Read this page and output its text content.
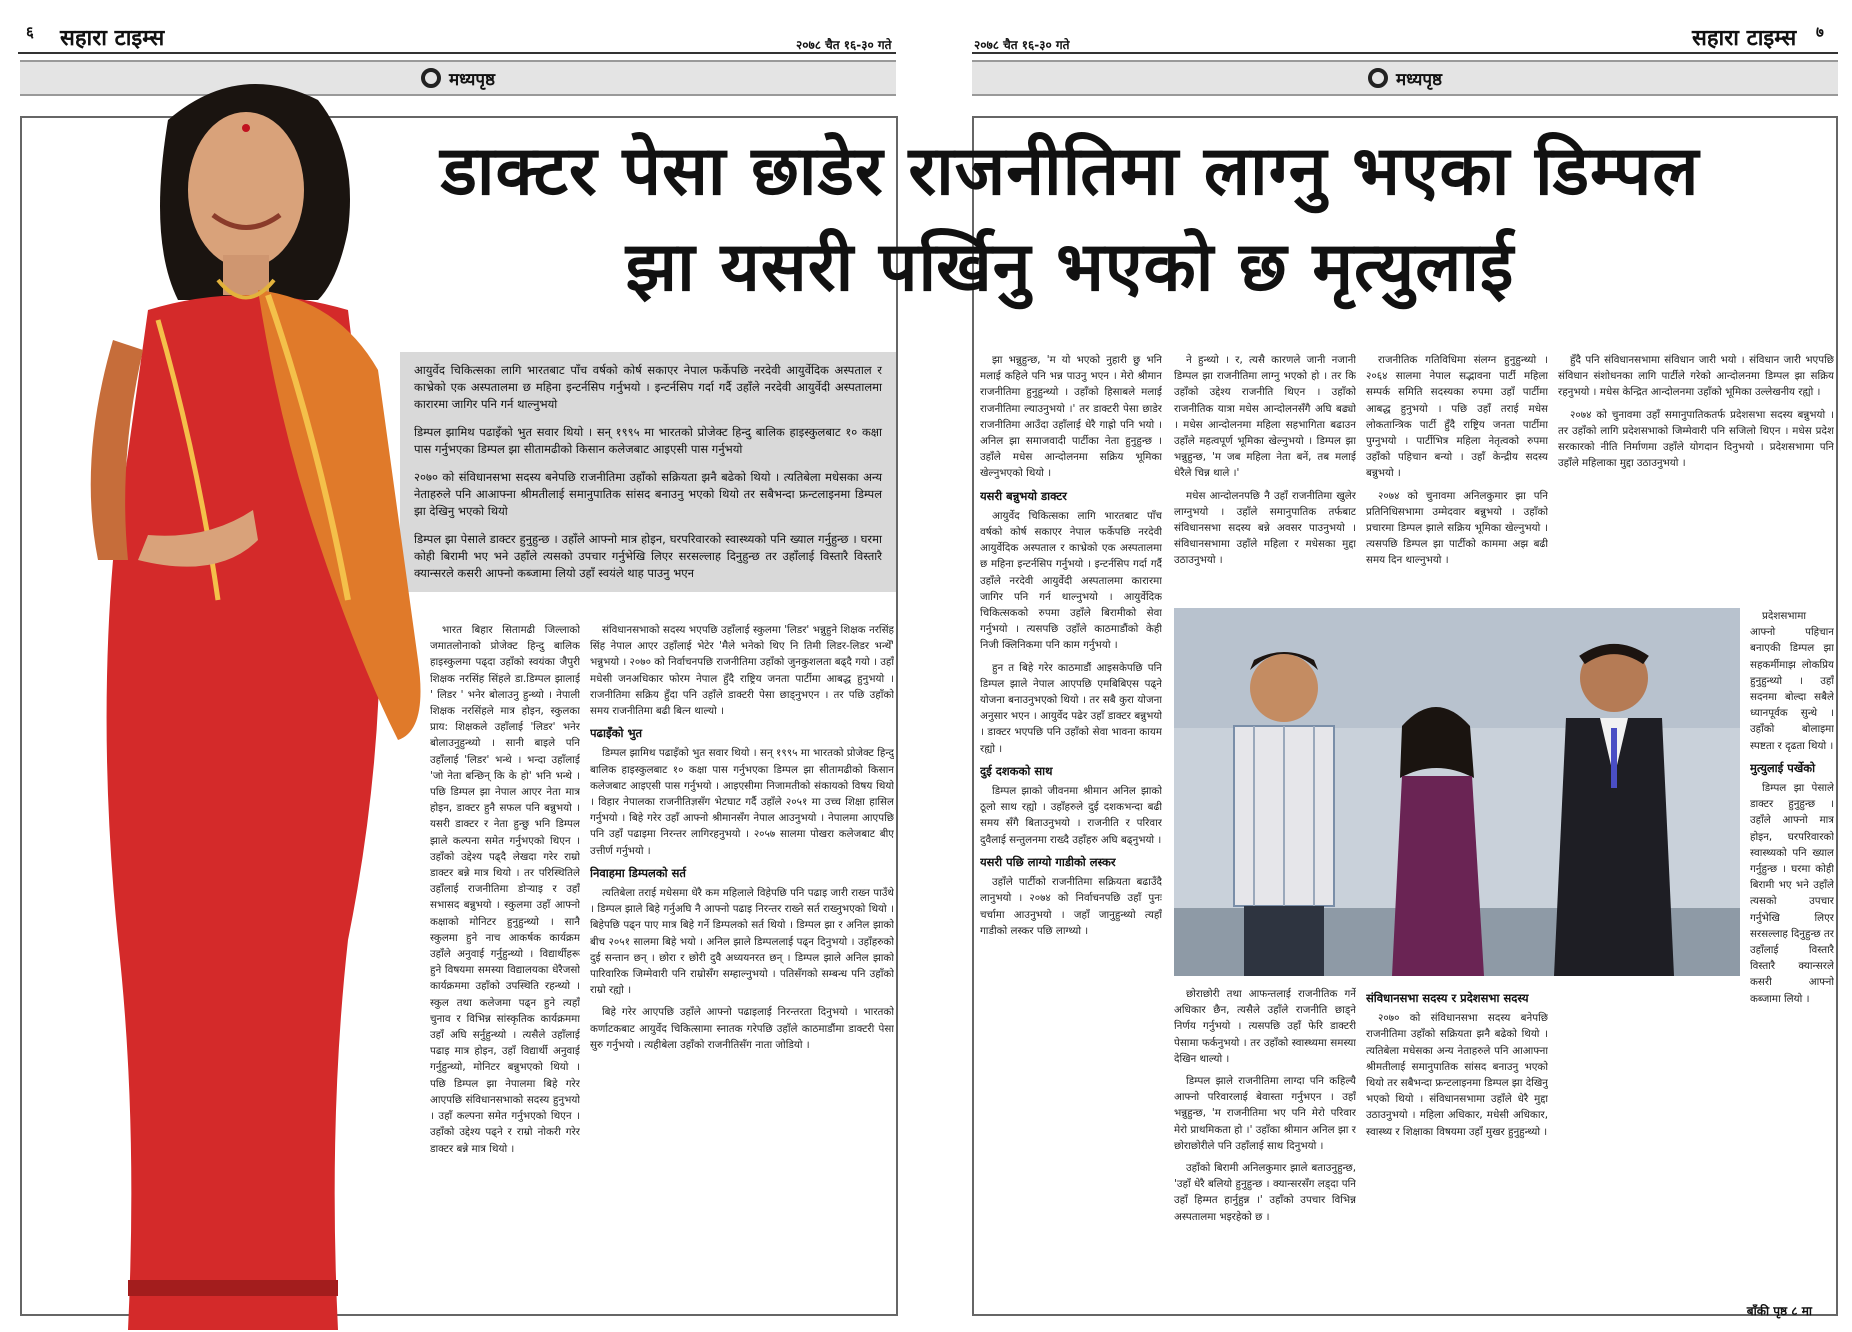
६ सहारा टाइम्स	२०७८ चैत १६-३० गते
मध्यपृष्ठ
२०७८ चैत १६-३० गते	सहारा टाइम्स ७
मध्यपृष्ठ
डाक्टर पेसा छाडेर राजनीतिमा लाग्नु भएका डिम्पल
झा यसरी पर्खिनु भएको छ मृत्युलाई

आयुर्वेद चिकित्सका लागि भारतबाट पाँच वर्षको कोर्ष सकाएर नेपाल फर्केपछि नरदेवी आयुर्वेदिक अस्पताल र काभ्रेको एक अस्पतालमा छ महिना इन्टर्नसिप गर्नुभयो । इन्टर्नसिप गर्दा गर्दै उहाँले नरदेवी आयुर्वेदी अस्पतालमा कारारमा जागिर पनि गर्न थाल्नुभयो

डिम्पल झामिथ पढाइँको भुत सवार थियो । सन् १९९५ मा भारतको प्रोजेक्ट हिन्दु बालिक हाइस्कुलबाट १० कक्षा पास गर्नुभएका डिम्पल झा सीतामढीको किसान कलेजबाट आइएसी पास गर्नुभयो

२०७० को संविधानसभा सदस्य बनेपछि राजनीतिमा उहाँको सक्रियता झनै बढेको थियो । त्यतिबेला मधेसका अन्य नेताहरुले पनि आआफ्ना श्रीमतीलाई समानुपातिक सांसद बनाउनु भएको थियो तर सबैभन्दा फ्रन्टलाइनमा डिम्पल झा देखिनु भएको थियो

डिम्पल झा पेसाले डाक्टर हुनुहुन्छ । उहाँले आफ्नो मात्र होइन, घरपरिवारको स्वास्थ्यको पनि ख्याल गर्नुहुन्छ । घरमा कोही बिरामी भए भने उहाँले त्यसको उपचार गर्नुभेखि लिएर सरसल्लाह दिनुहुन्छ तर उहाँलाई विस्तारै विस्तारै क्यान्सरले कसरी आफ्नो कब्जामा लियो उहाँ स्वयंले थाह पाउनु भएन

भारत बिहार सितामढी जिल्लाको जमातलोनाको प्रोजेक्ट हिन्दु बालिक हाइस्कुलमा पढ्दा उहाँको स्वयंका जैपुरी शिक्षक नरसिंह सिंहले डा.डिम्पल झालाई ' लिडर ' भनेर बोलाउनु हुन्थ्यो । नेपाली शिक्षक नरसिंहले मात्र होइन, स्कुलका प्राय: शिक्षकले उहाँलाई 'लिडर' भनेर बोलाउनुहुन्थ्यो । सानी बाइले पनि उहाँलाई 'लिडर' भन्थे । भन्दा उहाँलाई 'जो नेता बन्छिन् कि के हो' भनि भन्थे । पछि डिम्पल झा नेपाल आएर नेता मात्र होइन, डाक्टर हुनै सफल पनि बन्नुभयो । यसरी डाक्टर र नेता हुन्छु भनि डिम्पल झाले कल्पना समेत गर्नुभएको थिएन । उहाँको उद्देश्य पढ्दै लेखदा गरेर राम्रो डाक्टर बन्ने मात्र थियो । तर परिस्थितिले उहाँलाई राजनीतिमा डोऱ्याइ र उहाँ सभासद बन्नुभयो । स्कुलमा उहाँ आफ्नो कक्षाको मोनिटर हुनुहुन्थ्यो । सानै स्कुलमा हुने नाच आकर्षक कार्यक्रम उहाँले अनुवाई गर्नुहुन्थ्यो । विद्यार्थीहरू हुने विषयमा समस्या विद्यालयका धेरैजसो कार्यक्रममा उहाँको उपस्थिति रहन्थ्यो । स्कुल तथा कलेजमा पढ्न हुने त्यहाँ चुनाव र विभिन्न सांस्कृतिक कार्यक्रममा उहाँ अघि सर्नुहुन्थ्यो । त्यसैले उहाँलाई पढाइ मात्र होइन, उहाँ विद्यार्थी अनुवाई गर्नुहुन्थ्यो, मोनिटर बन्नुभएको थियो । पछि डिम्पल झा नेपालमा बिहे गरेर आएपछि संविधानसभाको सदस्य हुनुभयो । उहाँ कल्पना समेत गर्नुभएको थिएन । उहाँको उद्देश्य पढ्ने र राम्रो नोकरी गरेर डाक्टर बन्ने मात्र थियो ।

संविधानसभाको सदस्य भएपछि उहाँलाई स्कुलमा 'लिडर' भन्नुहुने शिक्षक नरसिंह सिंह नेपाल आएर उहाँलाई भेटेर 'मैले भनेको थिए नि तिमी लिडर-लिडर भन्थेँ' भन्नुभयो । २०७० को निर्वाचनपछि राजनीतिमा उहाँको जुनकुशलता बढ्दै गयो । उहाँ मधेसी जनअधिकार फोरम नेपाल हुँदै राष्ट्रिय जनता पार्टीमा आबद्ध हुनुभयो । राजनीतिमा सक्रिय हुँदा पनि उहाँले डाक्टरी पेसा छाड्नुभएन । तर पछि उहाँको समय राजनीतिमा बढी बित्न थाल्यो ।

पढाइँको भुत

डिम्पल झामिथ पढाइँको भुत सवार थियो । सन् १९९५ मा भारतको प्रोजेक्ट हिन्दु बालिक हाइस्कुलबाट १० कक्षा पास गर्नुभएका डिम्पल झा सीतामढीको किसान कलेजबाट आइएसी पास गर्नुभयो । आइएसीमा निजामतीको संकायको विषय थियो । विहार नेपालका राजनीतिज्ञसँग भेटघाट गर्दै उहाँले २०५१ मा उच्च शिक्षा हासिल गर्नुभयो । बिहे गरेर उहाँ आफ्नो श्रीमानसँग नेपाल आउनुभयो । नेपालमा आएपछि पनि उहाँ पढाइमा निरन्तर लागिरहनुभयो । २०५७ सालमा पोखरा कलेजबाट बीए उत्तीर्ण गर्नुभयो ।

निवाहमा डिम्पलको सर्त

त्यतिबेला तराई मधेसमा धेरै कम महिलाले विहेपछि पनि पढाइ जारी राख्न पाउँथे । डिम्पल झाले बिहे गर्नुअघि नै आफ्नो पढाइ निरन्तर राख्ने सर्त राख्नुभएको थियो । बिहेपछि पढ्न पाए मात्र बिहे गर्ने डिम्पलको सर्त थियो । डिम्पल झा र अनिल झाको बीच २०५१ सालमा बिहे भयो । अनिल झाले डिम्पललाई पढ्न दिनुभयो । उहाँहरुको दुई सन्तान छन् । छोरा र छोरी दुवै अध्ययनरत छन् । डिम्पल झाले अनिल झाको पारिवारिक जिम्मेवारी पनि राम्रोसँग सम्हाल्नुभयो । पतिसँगको सम्बन्ध पनि उहाँको राम्रो रह्यो ।

बिहे गरेर आएपछि उहाँले आफ्नो पढाइलाई निरन्तरता दिनुभयो । भारतको कर्णाटकबाट आयुर्वेद चिकित्सामा स्नातक गरेपछि उहाँले काठमाडौंमा डाक्टरी पेसा सुरु गर्नुभयो । त्यहीबेला उहाँको राजनीतिसँग नाता जोडियो ।

झा भन्नुहुन्छ, 'म यो भएको नुहारी छु भनि मलाई कहिले पनि भन्न पाउनु भएन । मेरो श्रीमान राजनीतिमा हुनुहुन्थ्यो । उहाँको हिसाबले मलाई राजनीतिमा ल्याउनुभयो ।' तर डाक्टरी पेसा छाडेर राजनीतिमा आउँदा उहाँलाई धेरै गाह्रो पनि भयो । अनिल झा समाजवादी पार्टीका नेता हुनुहुन्छ । उहाँले मधेस आन्दोलनमा सक्रिय भूमिका खेल्नुभएको थियो ।

यसरी बन्नुभयो डाक्टर

आयुर्वेद चिकित्सका लागि भारतबाट पाँच वर्षको कोर्ष सकाएर नेपाल फर्केपछि नरदेवी आयुर्वेदिक अस्पताल र काभ्रेको एक अस्पतालमा छ महिना इन्टर्नसिप गर्नुभयो । इन्टर्नसिप गर्दा गर्दै उहाँले नरदेवी आयुर्वेदी अस्पतालमा कारारमा जागिर पनि गर्न थाल्नुभयो । आयुर्वेदिक चिकित्सकको रुपमा उहाँले बिरामीको सेवा गर्नुभयो । त्यसपछि उहाँले काठमाडौंको केही निजी क्लिनिकमा पनि काम गर्नुभयो ।

हुन त बिहे गरेर काठमाडौं आइसकेपछि पनि डिम्पल झाले नेपाल आएपछि एमबिबिएस पढ्ने योजना बनाउनुभएको थियो । तर सबै कुरा योजना अनुसार भएन । आयुर्वेद पढेर उहाँ डाक्टर बन्नुभयो । डाक्टर भएपछि पनि उहाँको सेवा भावना कायम रह्यो ।

दुई दशकको साथ

डिम्पल झाको जीवनमा श्रीमान अनिल झाको ठूलो साथ रह्यो । उहाँहरुले दुई दशकभन्दा बढी समय सँगै बिताउनुभयो । राजनीति र परिवार दुवैलाई सन्तुलनमा राख्दै उहाँहरु अघि बढ्नुभयो ।

यसरी पछि लाग्यो गाडीको लस्कर

उहाँले पार्टीको राजनीतिमा सक्रियता बढाउँदै लानुभयो । २०७४ को निर्वाचनपछि उहाँ पुनः चर्चामा आउनुभयो । जहाँ जानुहुन्थ्यो त्यहाँ गाडीको लस्कर पछि लाग्थ्यो ।

ने हुन्थ्यो । र, त्यसै कारणले जानी नजानी डिम्पल झा राजनीतिमा लाग्नु भएको हो । तर कि उहाँको उद्देश्य राजनीति थिएन । उहाँको राजनीतिक यात्रा मधेस आन्दोलनसँगै अघि बढ्यो । मधेस आन्दोलनमा महिला सहभागिता बढाउन उहाँले महत्वपूर्ण भूमिका खेल्नुभयो । डिम्पल झा भन्नुहुन्छ, 'म जब महिला नेता बनें, तब मलाई धेरैले चिन्न थाले ।'

मधेस आन्दोलनपछि नै उहाँ राजनीतिमा खुलेर लाग्नुभयो । उहाँले समानुपातिक तर्फबाट संविधानसभा सदस्य बन्ने अवसर पाउनुभयो । संविधानसभामा उहाँले महिला र मधेसका मुद्दा उठाउनुभयो ।

छोराछोरी तथा आफन्तलाई राजनीतिक गर्ने अधिकार छैन, त्यसैले उहाँले राजनीति छाड्ने निर्णय गर्नुभयो । त्यसपछि उहाँ फेरि डाक्टरी पेसामा फर्कनुभयो । तर उहाँको स्वास्थ्यमा समस्या देखिन थाल्यो ।

डिम्पल झाले राजनीतिमा लाग्दा पनि कहिल्यै आफ्नो परिवारलाई बेवास्ता गर्नुभएन । उहाँ भन्नुहुन्छ, 'म राजनीतिमा भए पनि मेरो परिवार मेरो प्राथमिकता हो ।' उहाँका श्रीमान अनिल झा र छोराछोरीले पनि उहाँलाई साथ दिनुभयो ।

उहाँको बिरामी अनिलकुमार झाले बताउनुहुन्छ, 'उहाँ धेरै बलियो हुनुहुन्छ । क्यान्सरसँग लड्दा पनि उहाँ हिम्मत हार्नुहुन्न ।' उहाँको उपचार विभिन्न अस्पतालमा भइरहेको छ ।

राजनीतिक गतिविधिमा संलग्न हुनुहुन्थ्यो । २०६४ सालमा नेपाल सद्भावना पार्टी महिला सम्पर्क समिति सदस्यका रुपमा उहाँ पार्टीमा आबद्ध हुनुभयो । पछि उहाँ तराई मधेस लोकतान्त्रिक पार्टी हुँदै राष्ट्रिय जनता पार्टीमा पुग्नुभयो । पार्टीभित्र महिला नेतृत्वको रुपमा उहाँको पहिचान बन्यो । उहाँ केन्द्रीय सदस्य बन्नुभयो ।

२०७४ को चुनावमा अनिलकुमार झा पनि प्रतिनिधिसभामा उम्मेदवार बन्नुभयो । उहाँको प्रचारमा डिम्पल झाले सक्रिय भूमिका खेल्नुभयो । त्यसपछि डिम्पल झा पार्टीको काममा अझ बढी समय दिन थाल्नुभयो ।

संविधानसभा सदस्य र प्रदेशसभा सदस्य

२०७० को संविधानसभा सदस्य बनेपछि राजनीतिमा उहाँको सक्रियता झनै बढेको थियो । त्यतिबेला मधेसका अन्य नेताहरुले पनि आआफ्ना श्रीमतीलाई समानुपातिक सांसद बनाउनु भएको थियो तर सबैभन्दा फ्रन्टलाइनमा डिम्पल झा देखिनु भएको थियो । संविधानसभामा उहाँले धेरै मुद्दा उठाउनुभयो । महिला अधिकार, मधेसी अधिकार, स्वास्थ्य र शिक्षाका विषयमा उहाँ मुखर हुनुहुन्थ्यो ।

हुँदै पनि संविधानसभामा संविधान जारी भयो । संविधान जारी भएपछि संविधान संशोधनका लागि पार्टीले गरेको आन्दोलनमा डिम्पल झा सक्रिय रहनुभयो । मधेस केन्द्रित आन्दोलनमा उहाँको भूमिका उल्लेखनीय रह्यो ।

२०७४ को चुनावमा उहाँ समानुपातिकतर्फ प्रदेशसभा सदस्य बन्नुभयो । तर उहाँको लागि प्रदेशसभाको जिम्मेवारी पनि सजिलो थिएन । मधेस प्रदेश सरकारको नीति निर्माणमा उहाँले योगदान दिनुभयो । प्रदेशसभामा पनि उहाँले महिलाका मुद्दा उठाउनुभयो ।

प्रदेशसभामा आफ्नो पहिचान बनाएकी डिम्पल झा सहकर्मीमाझ लोकप्रिय हुनुहुन्थ्यो । उहाँ सदनमा बोल्दा सबैले ध्यानपूर्वक सुन्थे । उहाँको बोलाइमा स्पष्टता र दृढता थियो ।

मुत्युलाई पर्खेको

डिम्पल झा पेसाले डाक्टर हुनुहुन्छ । उहाँले आफ्नो मात्र होइन, घरपरिवारको स्वास्थ्यको पनि ख्याल गर्नुहुन्छ । घरमा कोही बिरामी भए भने उहाँले त्यसको उपचार गर्नुभेखि लिएर सरसल्लाह दिनुहुन्छ तर उहाँलाई विस्तारै विस्तारै क्यान्सरले कसरी आफ्नो कब्जामा लियो ।

बाँकी पृष्ठ ८ मा
